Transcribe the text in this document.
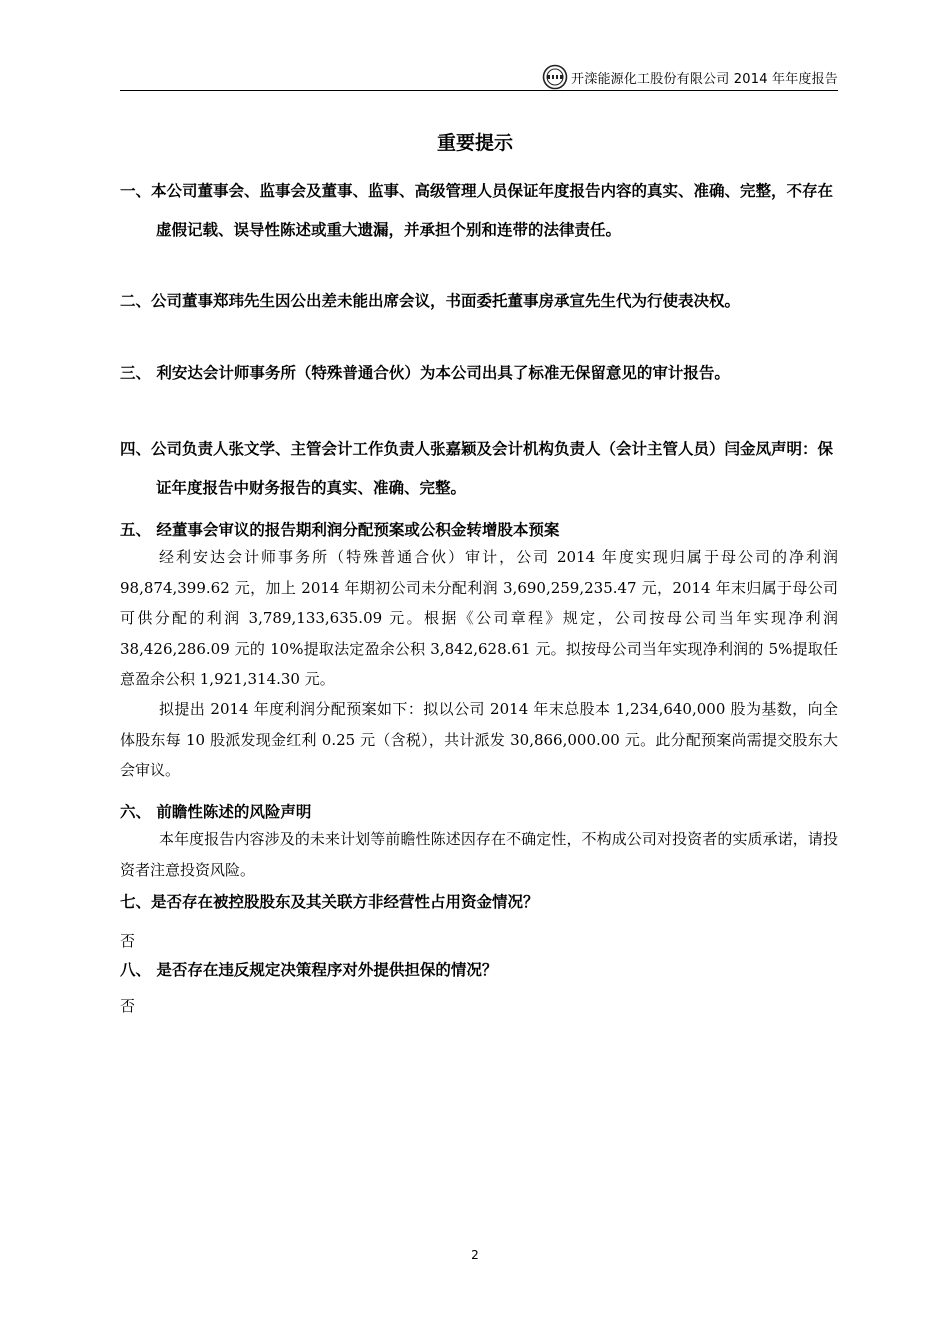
开滦能源化工股份有限公司 2014 年年度报告
重要提示
一、本公司董事会、监事会及董事、监事、高级管理人员保证年度报告内容的真实、准确、完整，不存在虚假记载、误导性陈述或重大遗漏，并承担个别和连带的法律责任。
二、公司董事郑玮先生因公出差未能出席会议，书面委托董事房承宣先生代为行使表决权。
三、 利安达会计师事务所（特殊普通合伙）为本公司出具了标准无保留意见的审计报告。
四、公司负责人张文学、主管会计工作负责人张嘉颖及会计机构负责人（会计主管人员）闫金凤声明：保证年度报告中财务报告的真实、准确、完整。
五、 经董事会审议的报告期利润分配预案或公积金转增股本预案
经利安达会计师事务所（特殊普通合伙）审计，公司 2014 年度实现归属于母公司的净利润 98,874,399.62 元，加上 2014 年期初公司未分配利润 3,690,259,235.47 元，2014 年末归属于母公司可供分配的利润 3,789,133,635.09 元。根据《公司章程》规定，公司按母公司当年实现净利润 38,426,286.09 元的 10%提取法定盈余公积 3,842,628.61 元。拟按母公司当年实现净利润的 5%提取任意盈余公积 1,921,314.30 元。
拟提出 2014 年度利润分配预案如下：拟以公司 2014 年末总股本 1,234,640,000 股为基数，向全体股东每 10 股派发现金红利 0.25 元（含税），共计派发 30,866,000.00 元。此分配预案尚需提交股东大会审议。
六、 前瞻性陈述的风险声明
本年度报告内容涉及的未来计划等前瞻性陈述因存在不确定性，不构成公司对投资者的实质承诺，请投资者注意投资风险。
七、是否存在被控股股东及其关联方非经营性占用资金情况？
否
八、 是否存在违反规定决策程序对外提供担保的情况？
否
2
